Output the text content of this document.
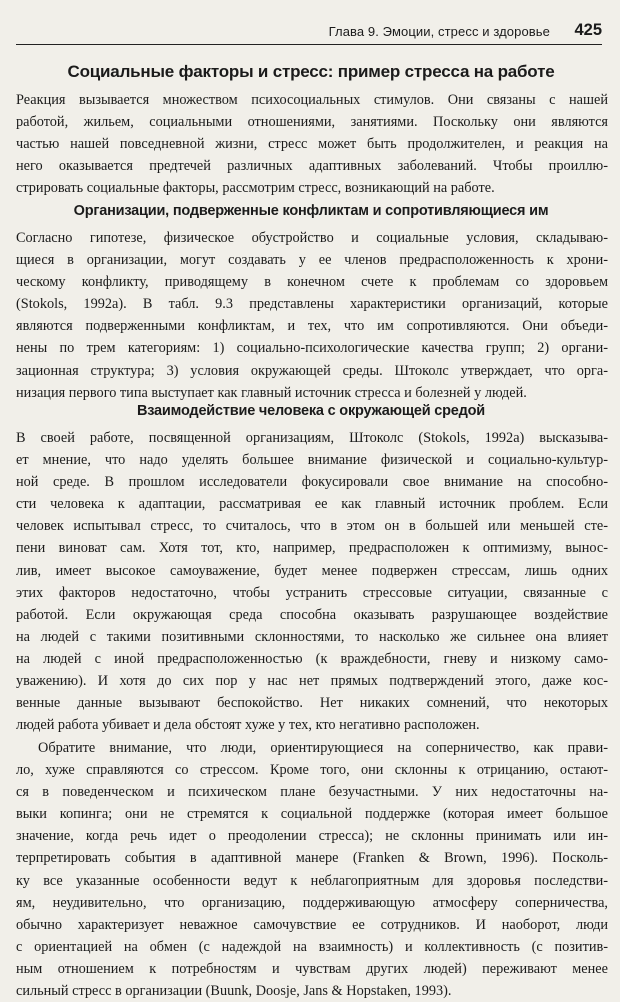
Глава 9. Эмоции, стресс и здоровье 425
Социальные факторы и стресс: пример стресса на работе
Реакция вызывается множеством психосоциальных стимулов. Они связаны с нашей
работой, жильем, социальными отношениями, занятиями. Поскольку они являются
частью нашей повседневной жизни, стресс может быть продолжителен, и реакция на
него оказывается предтечей различных адаптивных заболеваний. Чтобы проиллю-
стрировать социальные факторы, рассмотрим стресс, возникающий на работе.
Организации, подверженные конфликтам и сопротивляющиеся им
Согласно гипотезе, физическое обустройство и социальные условия, складываю-
щиеся в организации, могут создавать у ее членов предрасположенность к хрони-
ческому конфликту, приводящему в конечном счете к проблемам со здоровьем
(Stokols, 1992a). В табл. 9.3 представлены характеристики организаций, которые
являются подверженными конфликтам, и тех, что им сопротивляются. Они объеди-
нены по трем категориям: 1) социально-психологические качества групп; 2) органи-
зационная структура; 3) условия окружающей среды. Штоколс утверждает, что орга-
низация первого типа выступает как главный источник стресса и болезней у людей.
Взаимодействие человека с окружающей средой
В своей работе, посвященной организациям, Штоколс (Stokols, 1992a) высказыва-
ет мнение, что надо уделять большее внимание физической и социально-культур-
ной среде. В прошлом исследователи фокусировали свое внимание на способно-
сти человека к адаптации, рассматривая ее как главный источник проблем. Если
человек испытывал стресс, то считалось, что в этом он в большей или меньшей сте-
пени виноват сам. Хотя тот, кто, например, предрасположен к оптимизму, вынос-
лив, имеет высокое самоуважение, будет менее подвержен стрессам, лишь одних
этих факторов недостаточно, чтобы устранить стрессовые ситуации, связанные с
работой. Если окружающая среда способна оказывать разрушающее воздействие
на людей с такими позитивными склонностями, то насколько же сильнее она влияет
на людей с иной предрасположенностью (к враждебности, гневу и низкому само-
уважению). И хотя до сих пор у нас нет прямых подтверждений этого, даже кос-
венные данные вызывают беспокойство. Нет никаких сомнений, что некоторых
людей работа убивает и дела обстоят хуже у тех, кто негативно расположен.
Обратите внимание, что люди, ориентирующиеся на соперничество, как прави-
ло, хуже справляются со стрессом. Кроме того, они склонны к отрицанию, остают-
ся в поведенческом и психическом плане безучастными. У них недостаточны на-
выки копинга; они не стремятся к социальной поддержке (которая имеет большое
значение, когда речь идет о преодолении стресса); не склонны принимать или ин-
терпретировать события в адаптивной манере (Franken & Brown, 1996). Посколь-
ку все указанные особенности ведут к неблагоприятным для здоровья последстви-
ям, неудивительно, что организацию, поддерживающую атмосферу соперничества,
обычно характеризует неважное самочувствие ее сотрудников. И наоборот, люди
с ориентацией на обмен (с надеждой на взаимность) и коллективность (с позитив-
ным отношением к потребностям и чувствам других людей) переживают менее
сильный стресс в организации (Buunk, Doosje, Jans & Hopstaken, 1993).
